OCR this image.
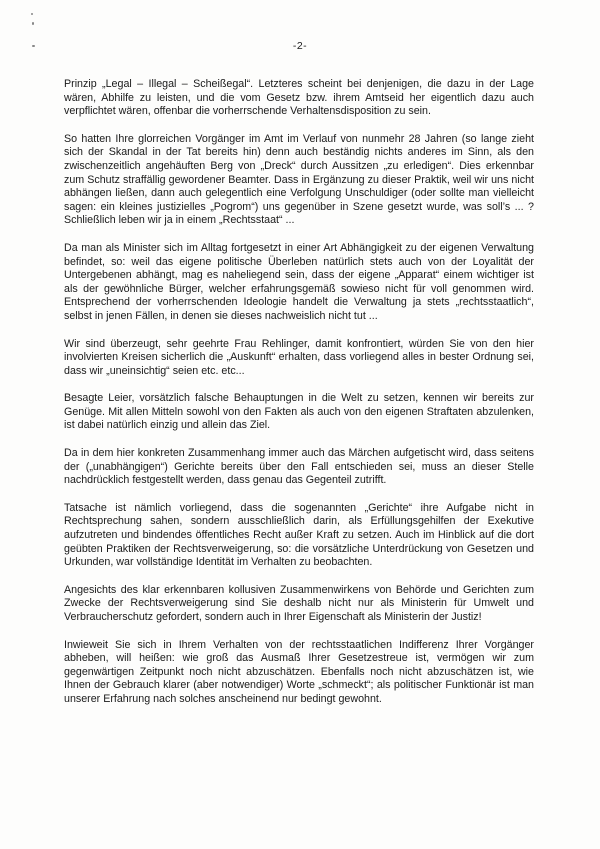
-2-

Prinzip „Legal – Illegal – Scheißegal“. Letzteres scheint bei denjenigen, die dazu in der Lage wären, Abhilfe zu leisten, und die vom Gesetz bzw. ihrem Amtseid her eigentlich dazu auch verpflichtet wären, offenbar die vorherrschende Verhaltensdisposition zu sein.

So hatten Ihre glorreichen Vorgänger im Amt im Verlauf von nunmehr 28 Jahren (so lange zieht sich der Skandal in der Tat bereits hin) denn auch beständig nichts anderes im Sinn, als den zwischenzeitlich angehäuften Berg von „Dreck“ durch Aussitzen „zu erledigen“. Dies erkennbar zum Schutz straffällig gewordener Beamter. Dass in Ergänzung zu dieser Praktik, weil wir uns nicht abhängen ließen, dann auch gelegentlich eine Verfolgung Unschuldiger (oder sollte man vielleicht sagen: ein kleines justizielles „Pogrom“) uns gegenüber in Szene gesetzt wurde, was soll’s ... ? Schließlich leben wir ja in einem „Rechtsstaat“ ...

Da man als Minister sich im Alltag fortgesetzt in einer Art Abhängigkeit zu der eigenen Verwaltung befindet, so: weil das eigene politische Überleben natürlich stets auch von der Loyalität der Untergebenen abhängt, mag es naheliegend sein, dass der eigene „Apparat“ einem wichtiger ist als der gewöhnliche Bürger, welcher erfahrungsgemäß sowieso nicht für voll genommen wird. Entsprechend der vorherrschenden Ideologie handelt die Verwaltung ja stets „rechtsstaatlich“, selbst in jenen Fällen, in denen sie dieses nachweislich nicht tut ...

Wir sind überzeugt, sehr geehrte Frau Rehlinger, damit konfrontiert, würden Sie von den hier involvierten Kreisen sicherlich die „Auskunft“ erhalten, dass vorliegend alles in bester Ordnung sei, dass wir „uneinsichtig“ seien etc. etc...

Besagte Leier, vorsätzlich falsche Behauptungen in die Welt zu setzen, kennen wir bereits zur Genüge. Mit allen Mitteln sowohl von den Fakten als auch von den eigenen Straftaten abzulenken, ist dabei natürlich einzig und allein das Ziel.

Da in dem hier konkreten Zusammenhang immer auch das Märchen aufgetischt wird, dass seitens der („unabhängigen“) Gerichte bereits über den Fall entschieden sei, muss an dieser Stelle nachdrücklich festgestellt werden, dass genau das Gegenteil zutrifft.

Tatsache ist nämlich vorliegend, dass die sogenannten „Gerichte“ ihre Aufgabe nicht in Rechtsprechung sahen, sondern ausschließlich darin, als Erfüllungsgehilfen der Exekutive aufzutreten und bindendes öffentliches Recht außer Kraft zu setzen. Auch im Hinblick auf die dort geübten Praktiken der Rechtsverweigerung, so: die vorsätzliche Unterdrückung von Gesetzen und Urkunden, war vollständige Identität im Verhalten zu beobachten.

Angesichts des klar erkennbaren kollusiven Zusammenwirkens von Behörde und Gerichten zum Zwecke der Rechtsverweigerung sind Sie deshalb nicht nur als Ministerin für Umwelt und Verbraucherschutz gefordert, sondern auch in Ihrer Eigenschaft als Ministerin der Justiz!

Inwieweit Sie sich in Ihrem Verhalten von der rechtsstaatlichen Indifferenz Ihrer Vorgänger abheben, will heißen: wie groß das Ausmaß Ihrer Gesetzestreue ist, vermögen wir zum gegenwärtigen Zeitpunkt noch nicht abzuschätzen. Ebenfalls noch nicht abzuschätzen ist, wie Ihnen der Gebrauch klarer (aber notwendiger) Worte „schmeckt“; als politischer Funktionär ist man unserer Erfahrung nach solches anscheinend nur bedingt gewohnt.
